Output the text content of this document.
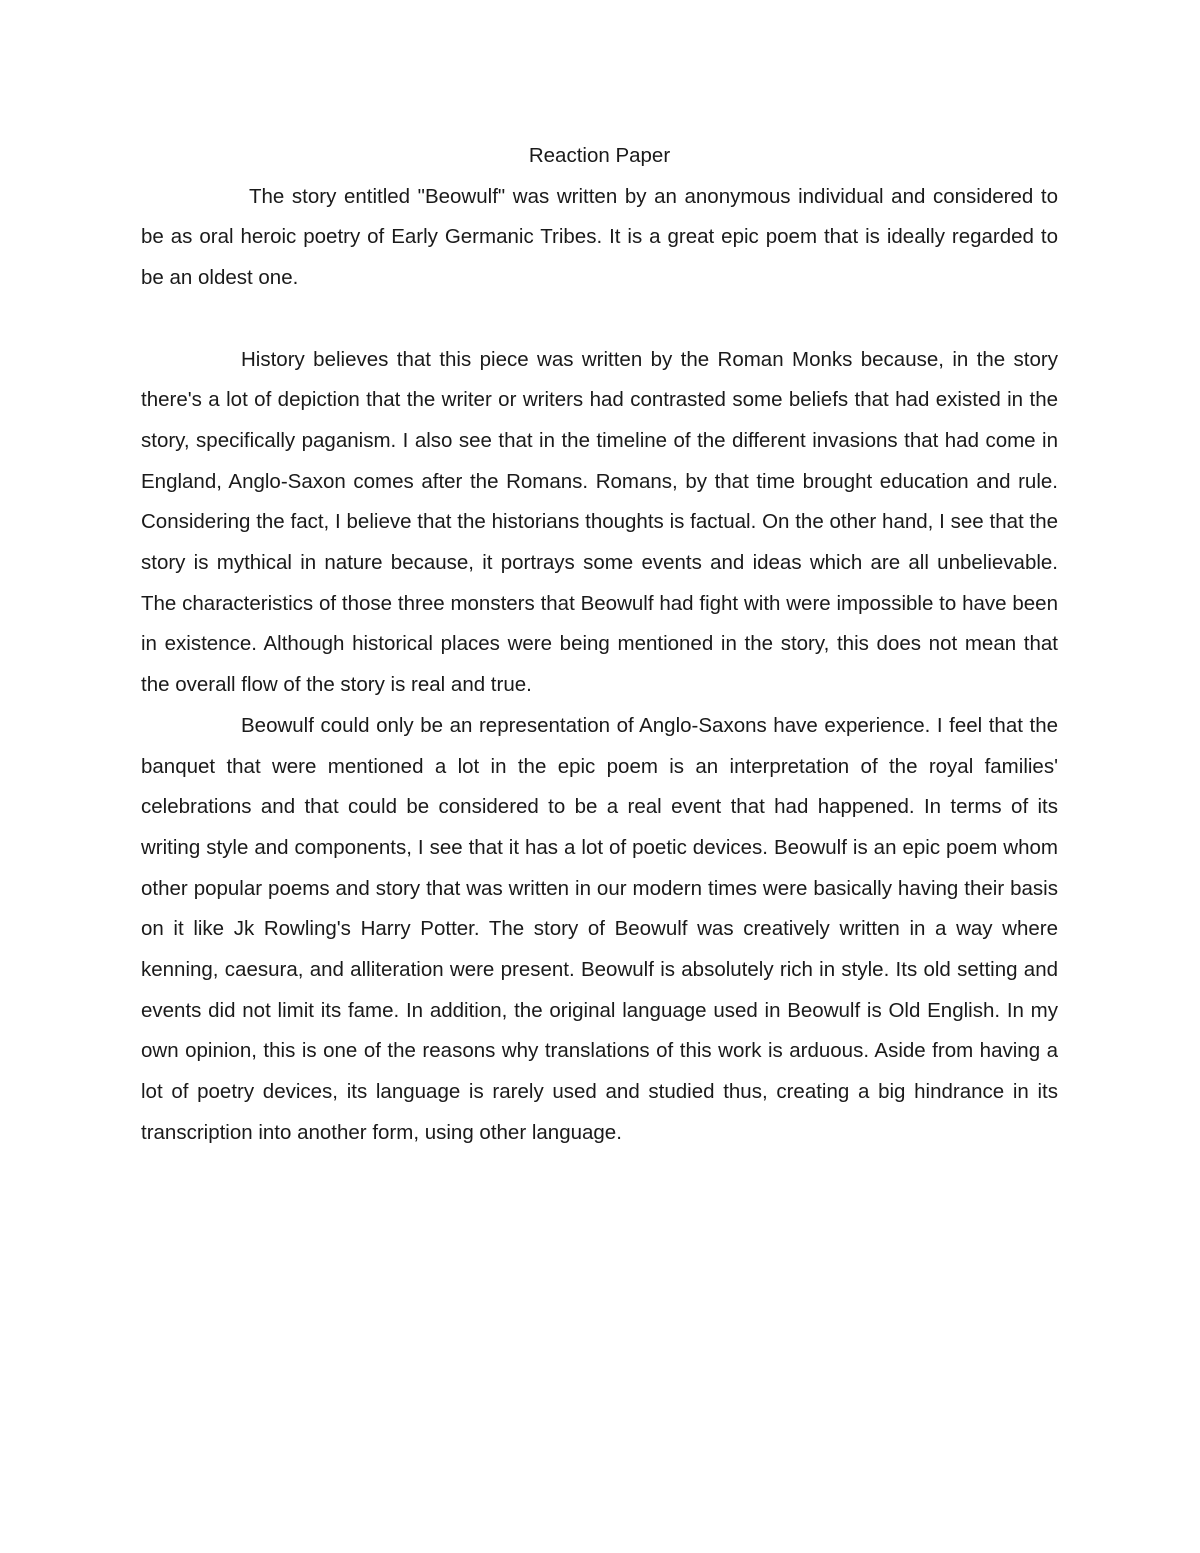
Reaction Paper

The story entitled "Beowulf" was written by an anonymous individual and considered to be as oral heroic poetry of Early Germanic Tribes. It is a great epic poem that is ideally regarded to be an oldest one.

History believes that this piece was written by the Roman Monks because, in the story there's a lot of depiction that the writer or writers had contrasted some beliefs that had existed in the story, specifically paganism. I also see that in the timeline of the different invasions that had come in England, Anglo-Saxon comes after the Romans. Romans, by that time brought education and rule. Considering the fact, I believe that the historians thoughts is factual. On the other hand, I see that the story is mythical in nature because, it portrays some events and ideas which are all unbelievable. The characteristics of those three monsters that Beowulf had fight with were impossible to have been in existence. Although historical places were being mentioned in the story, this does not mean that the overall flow of the story is real and true.

Beowulf could only be an representation of Anglo-Saxons have experience. I feel that the banquet that were mentioned a lot in the epic poem is an interpretation of the royal families' celebrations and that could be considered to be a real event that had happened. In terms of its writing style and components, I see that it has a lot of poetic devices. Beowulf is an epic poem whom other popular poems and story that was written in our modern times were basically having their basis on it like Jk Rowling's Harry Potter. The story of Beowulf was creatively written in a way where kenning, caesura, and alliteration were present. Beowulf is absolutely rich in style. Its old setting and events did not limit its fame. In addition, the original language used in Beowulf is Old English. In my own opinion, this is one of the reasons why translations of this work is arduous. Aside from having a lot of poetry devices, its language is rarely used and studied thus, creating a big hindrance in its transcription into another form, using other language.
